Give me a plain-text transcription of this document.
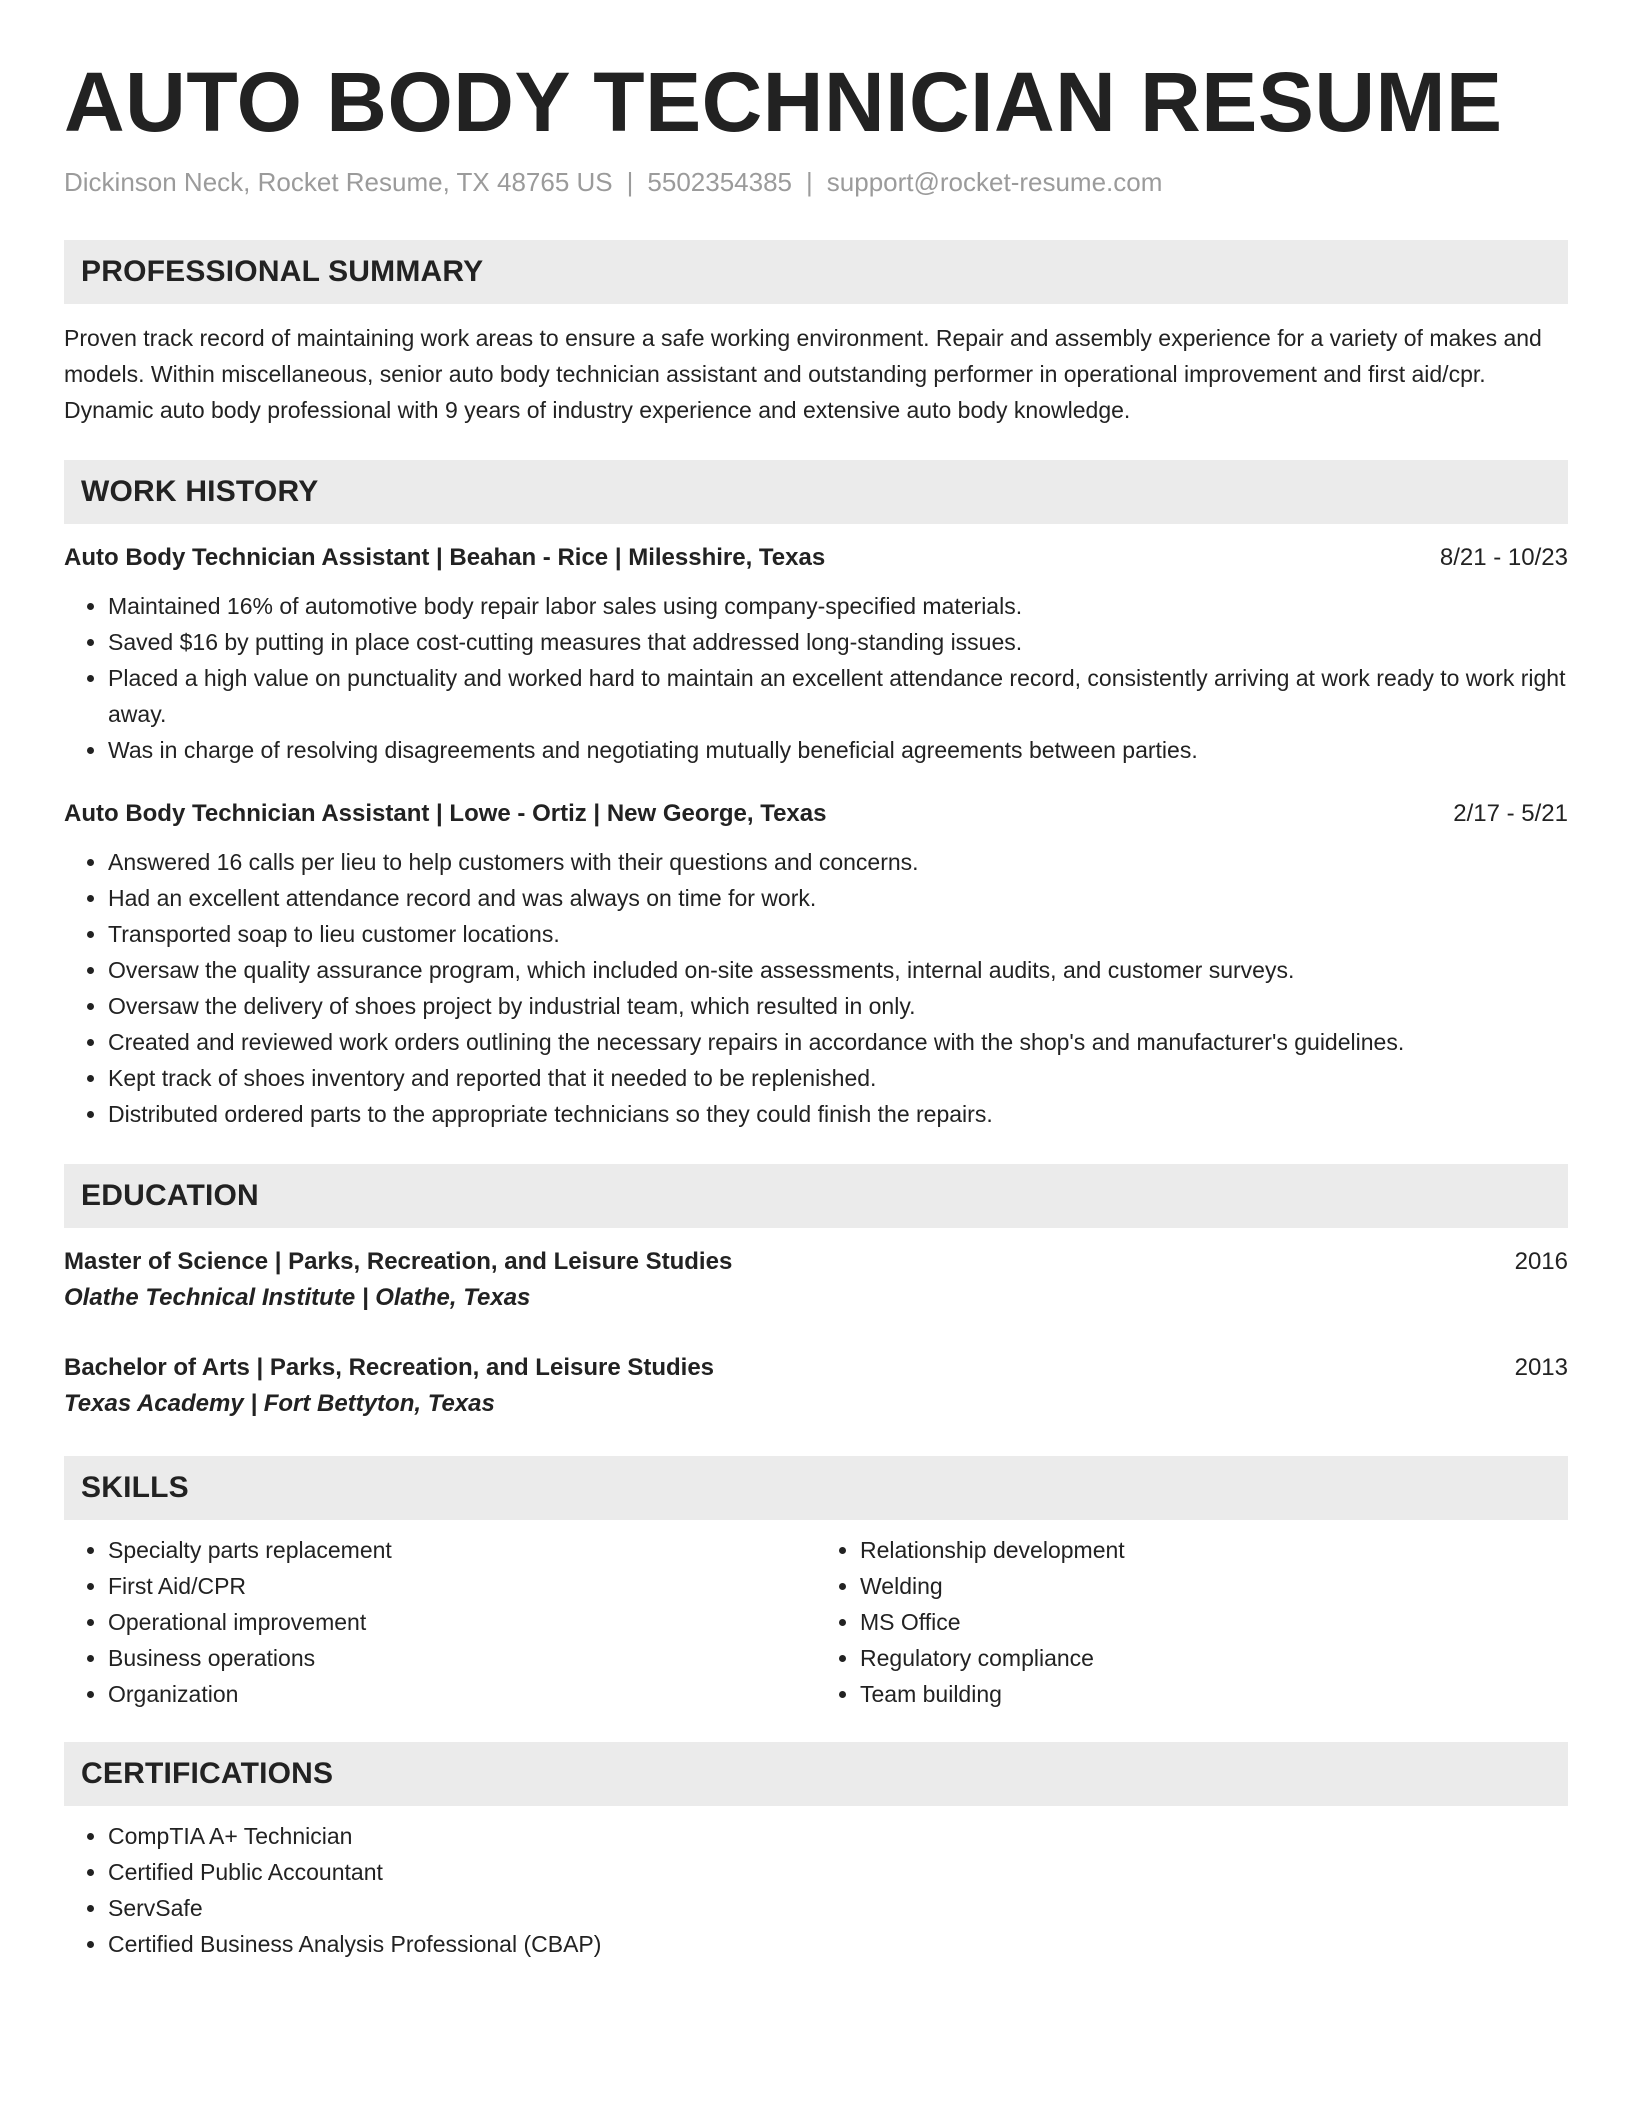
AUTO BODY TECHNICIAN RESUME
Dickinson Neck, Rocket Resume, TX 48765 US | 5502354385 | support@rocket-resume.com
PROFESSIONAL SUMMARY
Proven track record of maintaining work areas to ensure a safe working environment. Repair and assembly experience for a variety of makes and models. Within miscellaneous, senior auto body technician assistant and outstanding performer in operational improvement and first aid/cpr. Dynamic auto body professional with 9 years of industry experience and extensive auto body knowledge.
WORK HISTORY
Auto Body Technician Assistant | Beahan - Rice | Milesshire, Texas	8/21 - 10/23
• Maintained 16% of automotive body repair labor sales using company-specified materials.
• Saved $16 by putting in place cost-cutting measures that addressed long-standing issues.
• Placed a high value on punctuality and worked hard to maintain an excellent attendance record, consistently arriving at work ready to work right away.
• Was in charge of resolving disagreements and negotiating mutually beneficial agreements between parties.
Auto Body Technician Assistant | Lowe - Ortiz | New George, Texas	2/17 - 5/21
• Answered 16 calls per lieu to help customers with their questions and concerns.
• Had an excellent attendance record and was always on time for work.
• Transported soap to lieu customer locations.
• Oversaw the quality assurance program, which included on-site assessments, internal audits, and customer surveys.
• Oversaw the delivery of shoes project by industrial team, which resulted in only.
• Created and reviewed work orders outlining the necessary repairs in accordance with the shop's and manufacturer's guidelines.
• Kept track of shoes inventory and reported that it needed to be replenished.
• Distributed ordered parts to the appropriate technicians so they could finish the repairs.
EDUCATION
Master of Science | Parks, Recreation, and Leisure Studies	2016
Olathe Technical Institute | Olathe, Texas
Bachelor of Arts | Parks, Recreation, and Leisure Studies	2013
Texas Academy | Fort Bettyton, Texas
SKILLS
• Specialty parts replacement
• First Aid/CPR
• Operational improvement
• Business operations
• Organization
• Relationship development
• Welding
• MS Office
• Regulatory compliance
• Team building
CERTIFICATIONS
• CompTIA A+ Technician
• Certified Public Accountant
• ServSafe
• Certified Business Analysis Professional (CBAP)
